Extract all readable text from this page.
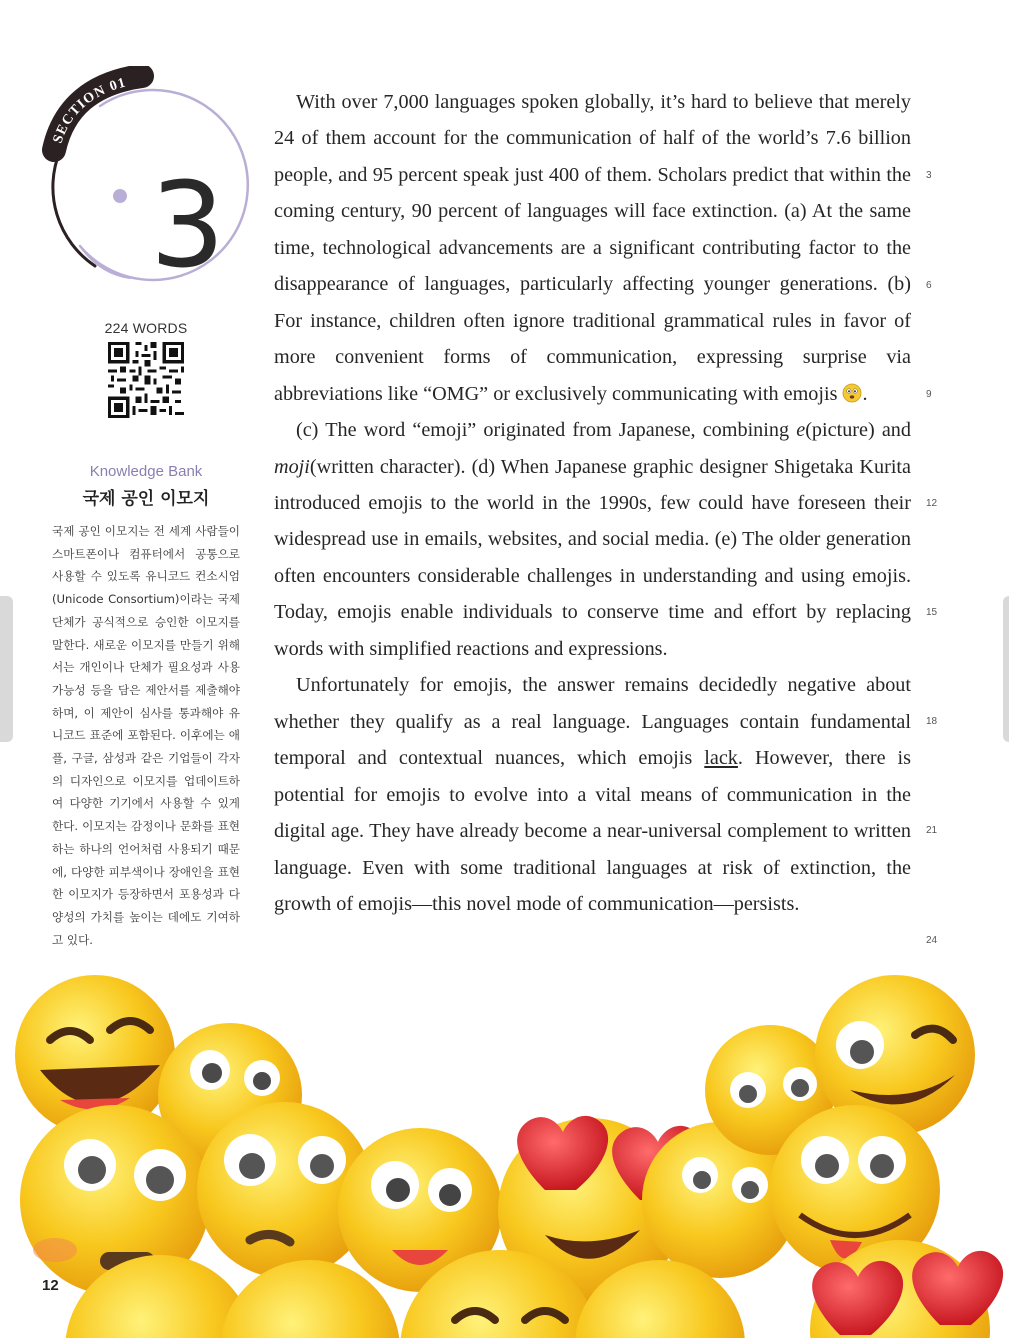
SECTION 01
3
224 WORDS
Knowledge Bank
국제 공인 이모지
국제 공인 이모지는 전 세계 사람들이 스마트폰이나 컴퓨터에서 공통으로 사용할 수 있도록 유니코드 컨소시엄(Unicode Consortium)이라는 국제 단체가 공식적으로 승인한 이모지를 말한다. 새로운 이모지를 만들기 위해서는 개인이나 단체가 필요성과 사용 가능성 등을 담은 제안서를 제출해야 하며, 이 제안이 심사를 통과해야 유니코드 표준에 포함된다. 이후에는 애플, 구글, 삼성과 같은 기업들이 각자의 디자인으로 이모지를 업데이트하여 다양한 기기에서 사용할 수 있게 한다. 이모지는 감정이나 문화를 표현하는 하나의 언어처럼 사용되기 때문에, 다양한 피부색이나 장애인을 표현한 이모지가 등장하면서 포용성과 다양성의 가치를 높이는 데에도 기여하고 있다.

With over 7,000 languages spoken globally, it’s hard to believe that merely 24 of them account for the communication of half of the world’s 7.6 billion people, and 95 percent speak just 400 of them. Scholars predict that within the coming century, 90 percent of languages will face extinction. (a) At the same time, technological advancements are a significant contributing factor to the disappearance of languages, particularly affecting younger generations. (b) For instance, children often ignore traditional grammatical rules in favor of more convenient forms of communication, expressing surprise via abbreviations like “OMG” or exclusively communicating with emojis .

(c) The word “emoji” originated from Japanese, combining e(picture) and moji(written character). (d) When Japanese graphic designer Shigetaka Kurita introduced emojis to the world in the 1990s, few could have foreseen their widespread use in emails, websites, and social media. (e) The older generation often encounters considerable challenges in understanding and using emojis. Today, emojis enable individuals to conserve time and effort by replacing words with simplified reactions and expressions.

Unfortunately for emojis, the answer remains decidedly negative about whether they qualify as a real language. Languages contain fundamental temporal and contextual nuances, which emojis lack. However, there is potential for emojis to evolve into a vital means of communication in the digital age. They have already become a near-universal complement to written language. Even with some traditional languages at risk of extinction, the growth of emojis—this novel mode of communication—persists.

3
6
9
12
15
18
21
24
12
